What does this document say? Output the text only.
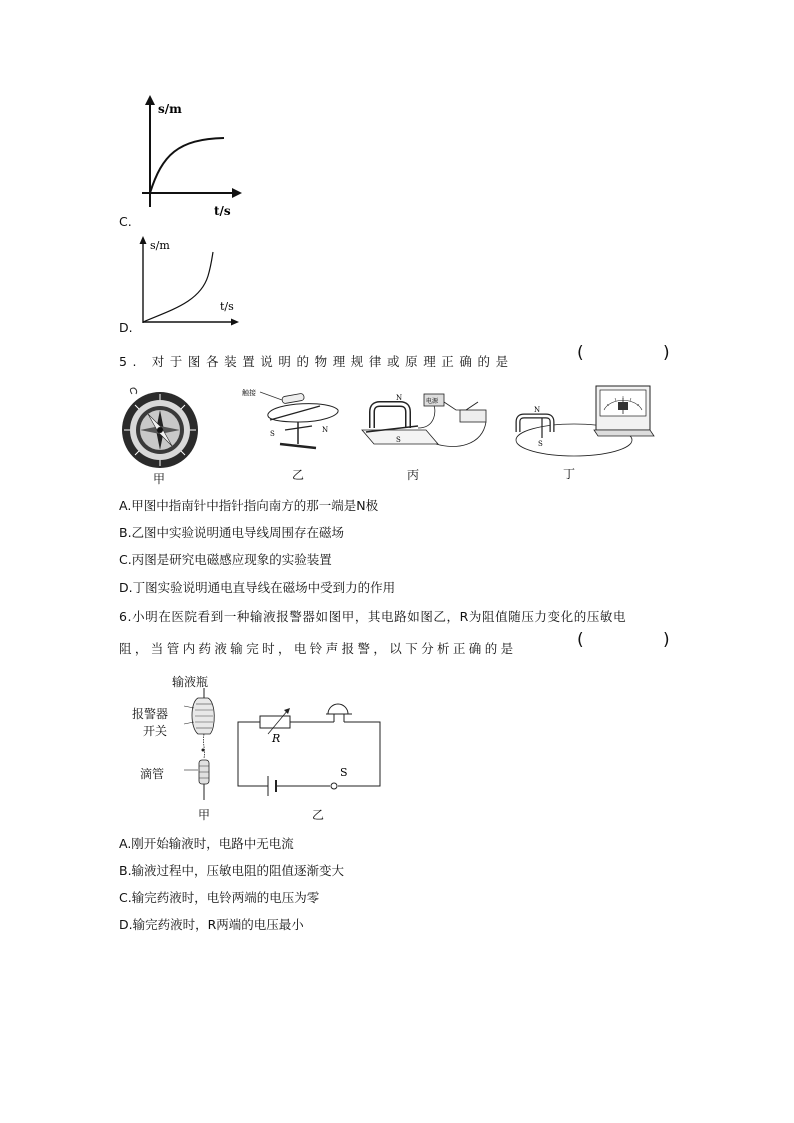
s/m
t/s
C.
s/m
t/s
D.
5. 对于图各装置说明的物理规律或原理正确的是	(	)
甲
触接
S	N
乙
N
S
电源
丙
N
S
丁
A.甲图中指南针中指针指向南方的那一端是N极
B.乙图中实验说明通电导线周围存在磁场
C.丙图是研究电磁感应现象的实验装置
D.丁图实验说明通电直导线在磁场中受到力的作用
6.小明在医院看到一种输液报警器如图甲，其电路如图乙，R为阻值随压力变化的压敏电
阻，当管内药液输完时，电铃声报警，以下分析正确的是	(	)
输液瓶
报警器
开关
滴管
甲
R
S
乙
A.刚开始输液时，电路中无电流
B.输液过程中，压敏电阻的阻值逐渐变大
C.输完药液时，电铃两端的电压为零
D.输完药液时，R两端的电压最小
